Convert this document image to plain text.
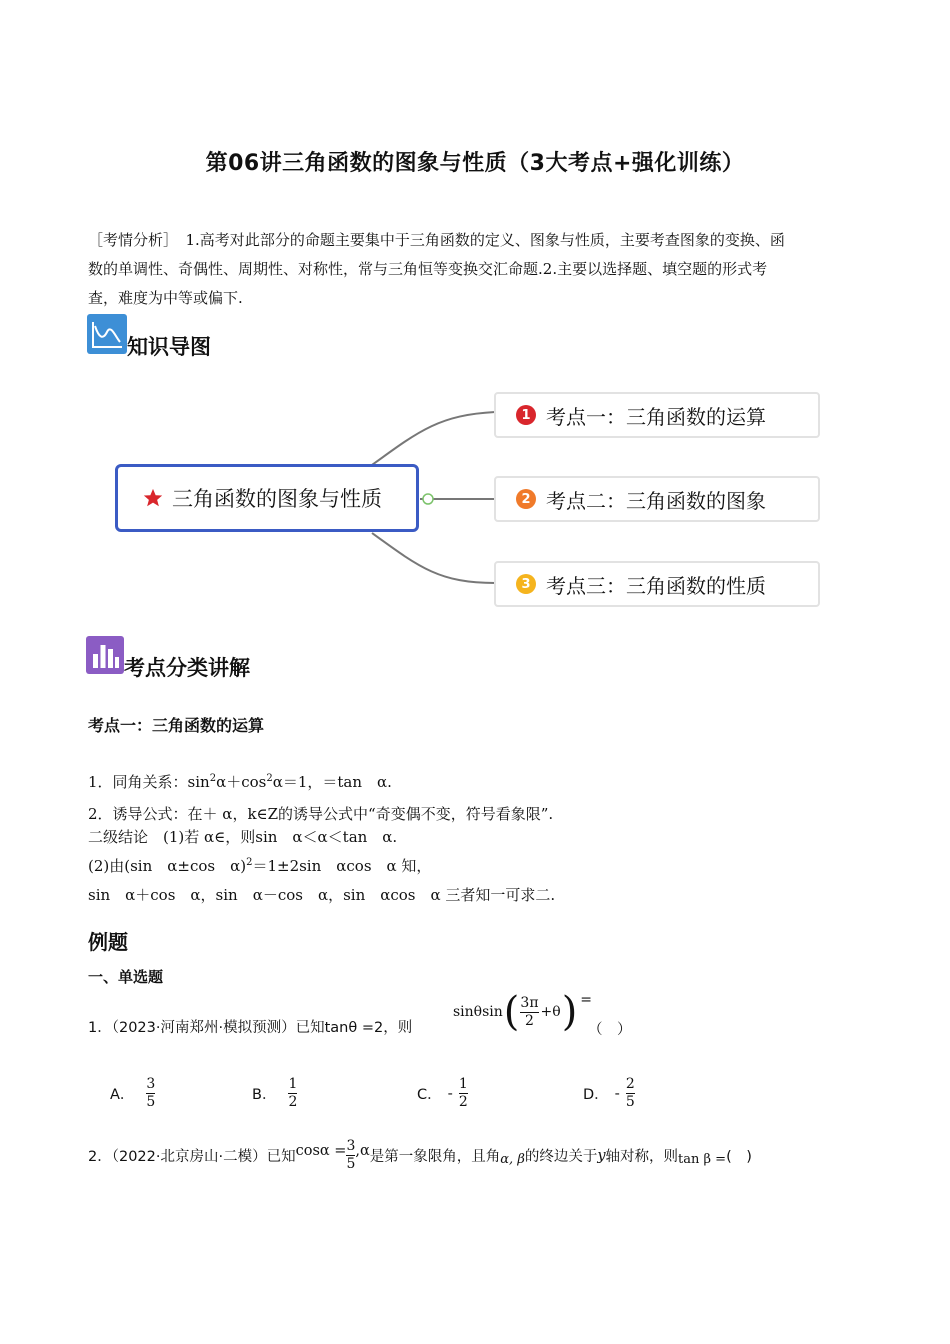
第06讲三角函数的图象与性质（3大考点+强化训练）
［考情分析］　1.高考对此部分的命题主要集中于三角函数的定义、图象与性质，主要考查图象的变换、函
数的单调性、奇偶性、周期性、对称性，常与三角恒等变换交汇命题.2.主要以选择题、填空题的形式考
查，难度为中等或偏下.
知识导图
三角函数的图象与性质
1 考点一：三角函数的运算
2 考点二：三角函数的图象
3 考点三：三角函数的性质
考点分类讲解
考点一：三角函数的运算
1．同角关系：$\sin^2\alpha+\cos^2\alpha=1$，＝tan　α.
2．诱导公式：在＋ α，k∈Z的诱导公式中“奇变偶不变，符号看象限”.
二级结论　(1)若 α∈，则sin　α＜α＜tan　α.
(2)由(sin　α±cos　α)$^2$＝1±2sin　αcos　α 知，
sin　α＋cos　α，sin　α－cos　α，sin　αcos　α 三者知一可求二.
例题
一、单选题
1．（2023·河南郑州·模拟预测）已知tanθ =2，则
sinθsin ( $\frac{3\pi}{2} +\theta$ ) =
（　）
A． $\frac{3}{5}$	B． $\frac{1}{2}$	C． - $\frac{1}{2}$	D． - $\frac{2}{5}$
2．（2022·北京房山·二模）已知 $\cos\alpha = \frac{3}{5} ,\alpha$ 是第一象限角，且角 α, β 的终边关于 y 轴对称，则 tan β = (　)
